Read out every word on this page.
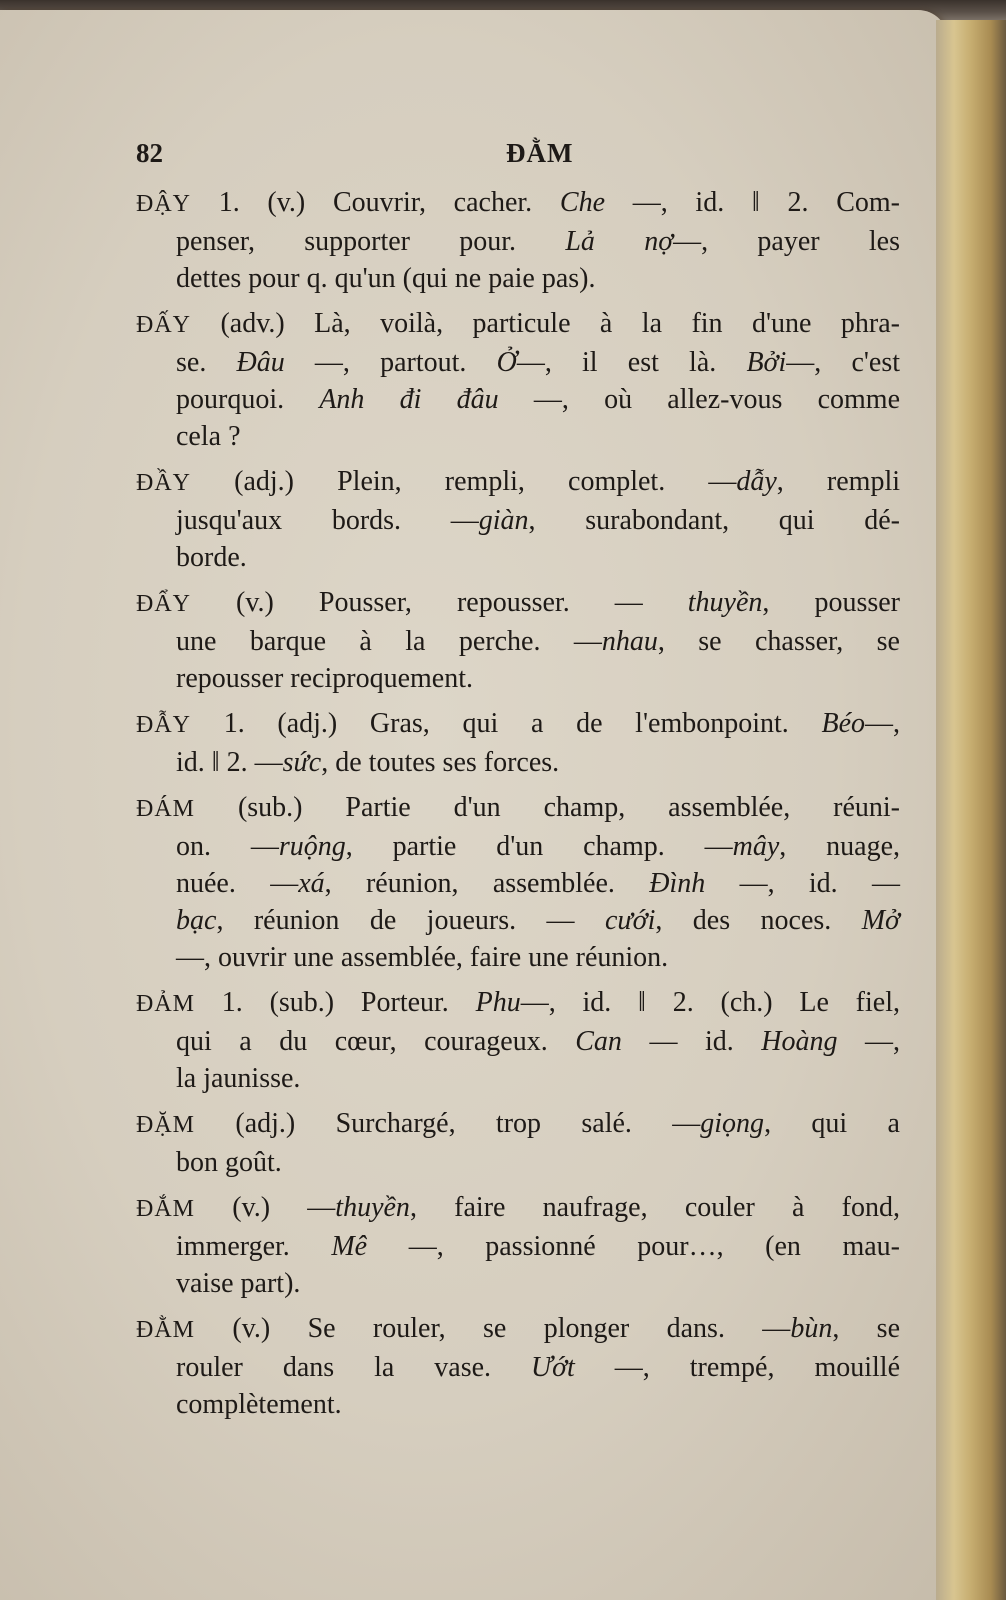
82	ĐẰM
ĐẬY 1. (v.) Couvrir, cacher. Che —, id. ‖ 2. Com-
penser, supporter pour. Lả nợ—, payer les
dettes pour q. qu'un (qui ne paie pas).
ĐẤY (adv.) Là, voilà, particule à la fin d'une phra-
se. Đâu —, partout. Ở—, il est là. Bởi—, c'est
pourquoi. Anh đi đâu —, où allez-vous comme
cela ?
ĐẦY (adj.) Plein, rempli, complet. —dẫy, rempli
jusqu'aux bords. —giàn, surabondant, qui dé-
borde.
ĐẨY (v.) Pousser, repousser. — thuyền, pousser
une barque à la perche. —nhau, se chasser, se
repousser reciproquement.
ĐẪY 1. (adj.) Gras, qui a de l'embonpoint. Béo—,
id. ‖ 2. —sức, de toutes ses forces.
ĐÁM (sub.) Partie d'un champ, assemblée, réuni-
on. —ruộng, partie d'un champ. —mây, nuage,
nuée. —xá, réunion, assemblée. Đình —, id. —
bạc, réunion de joueurs. — cưới, des noces. Mở
—, ouvrir une assemblée, faire une réunion.
ĐẢM 1. (sub.) Porteur. Phu—, id. ‖ 2. (ch.) Le fiel,
qui a du cœur, courageux. Can — id. Hoàng —,
la jaunisse.
ĐẶM (adj.) Surchargé, trop salé. —giọng, qui a
bon goût.
ĐẮM (v.) —thuyền, faire naufrage, couler à fond,
immerger. Mê —, passionné pour…, (en mau-
vaise part).
ĐẰM (v.) Se rouler, se plonger dans. —bùn, se
rouler dans la vase. Ướt —, trempé, mouillé
complètement.
